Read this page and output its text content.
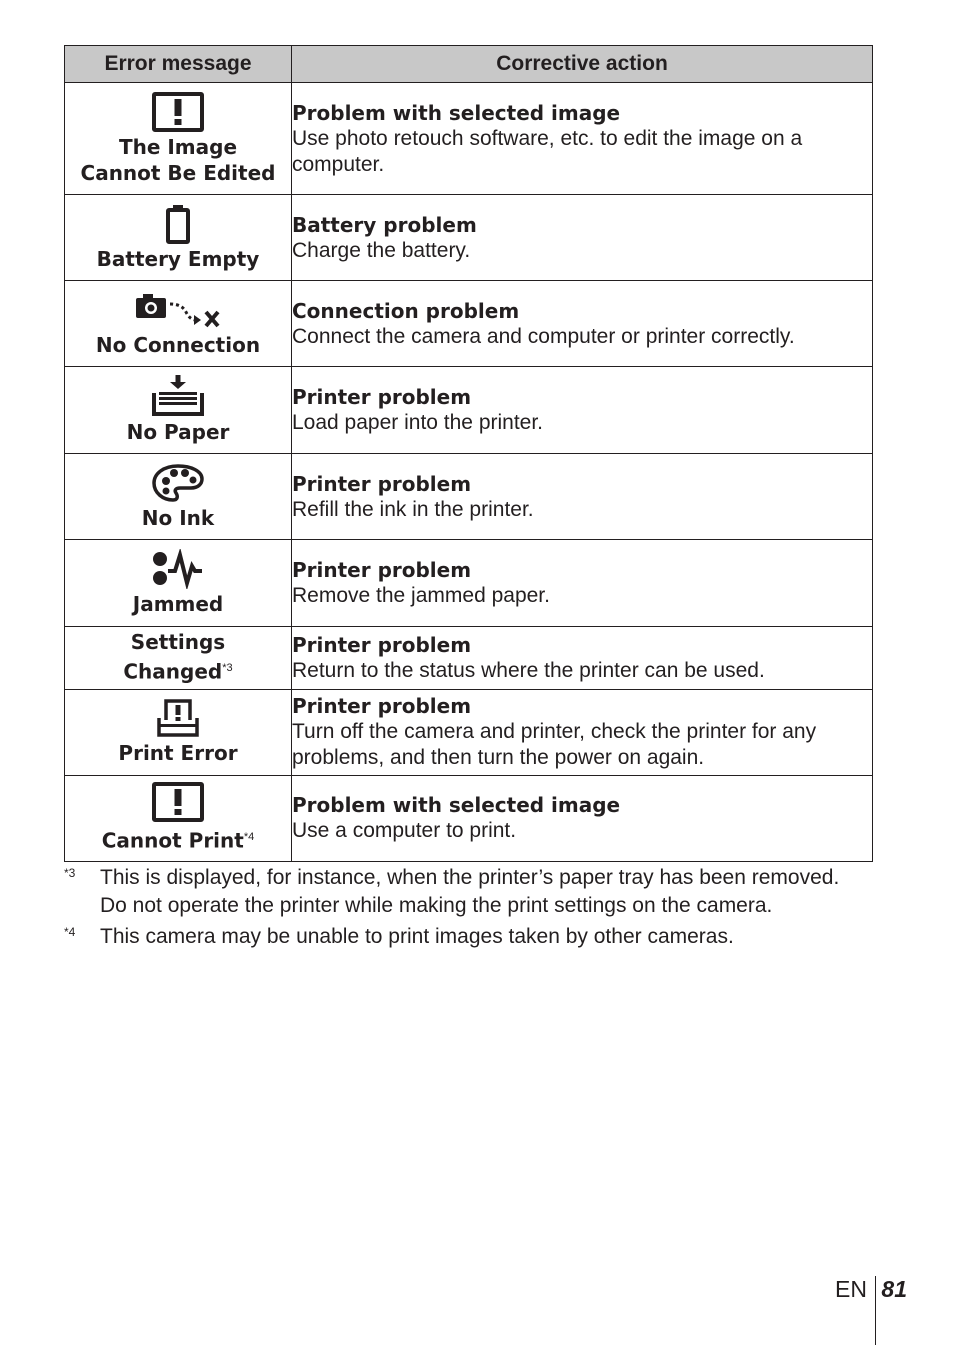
Error message	Corrective action

The Image
Cannot Be Edited	Problem with selected image
Use photo retouch software, etc. to edit the image on a computer.

Battery Empty	Battery problem
Charge the battery.

No Connection	Connection problem
Connect the camera and computer or printer correctly.

No Paper	Printer problem
Load paper into the printer.

No Ink	Printer problem
Refill the ink in the printer.

Jammed	Printer problem
Remove the jammed paper.

Settings
Changed$^{*3}$	Printer problem
Return to the status where the printer can be used.

Print Error	Printer problem
Turn off the camera and printer, check the printer for any problems, and then turn the power on again.

Cannot Print$^{*4}$	Problem with selected image
Use a computer to print.
*3 This is displayed, for instance, when the printer’s paper tray has been removed. Do not operate the printer while making the print settings on the camera.
*4 This camera may be unable to print images taken by other cameras.
EN 81
